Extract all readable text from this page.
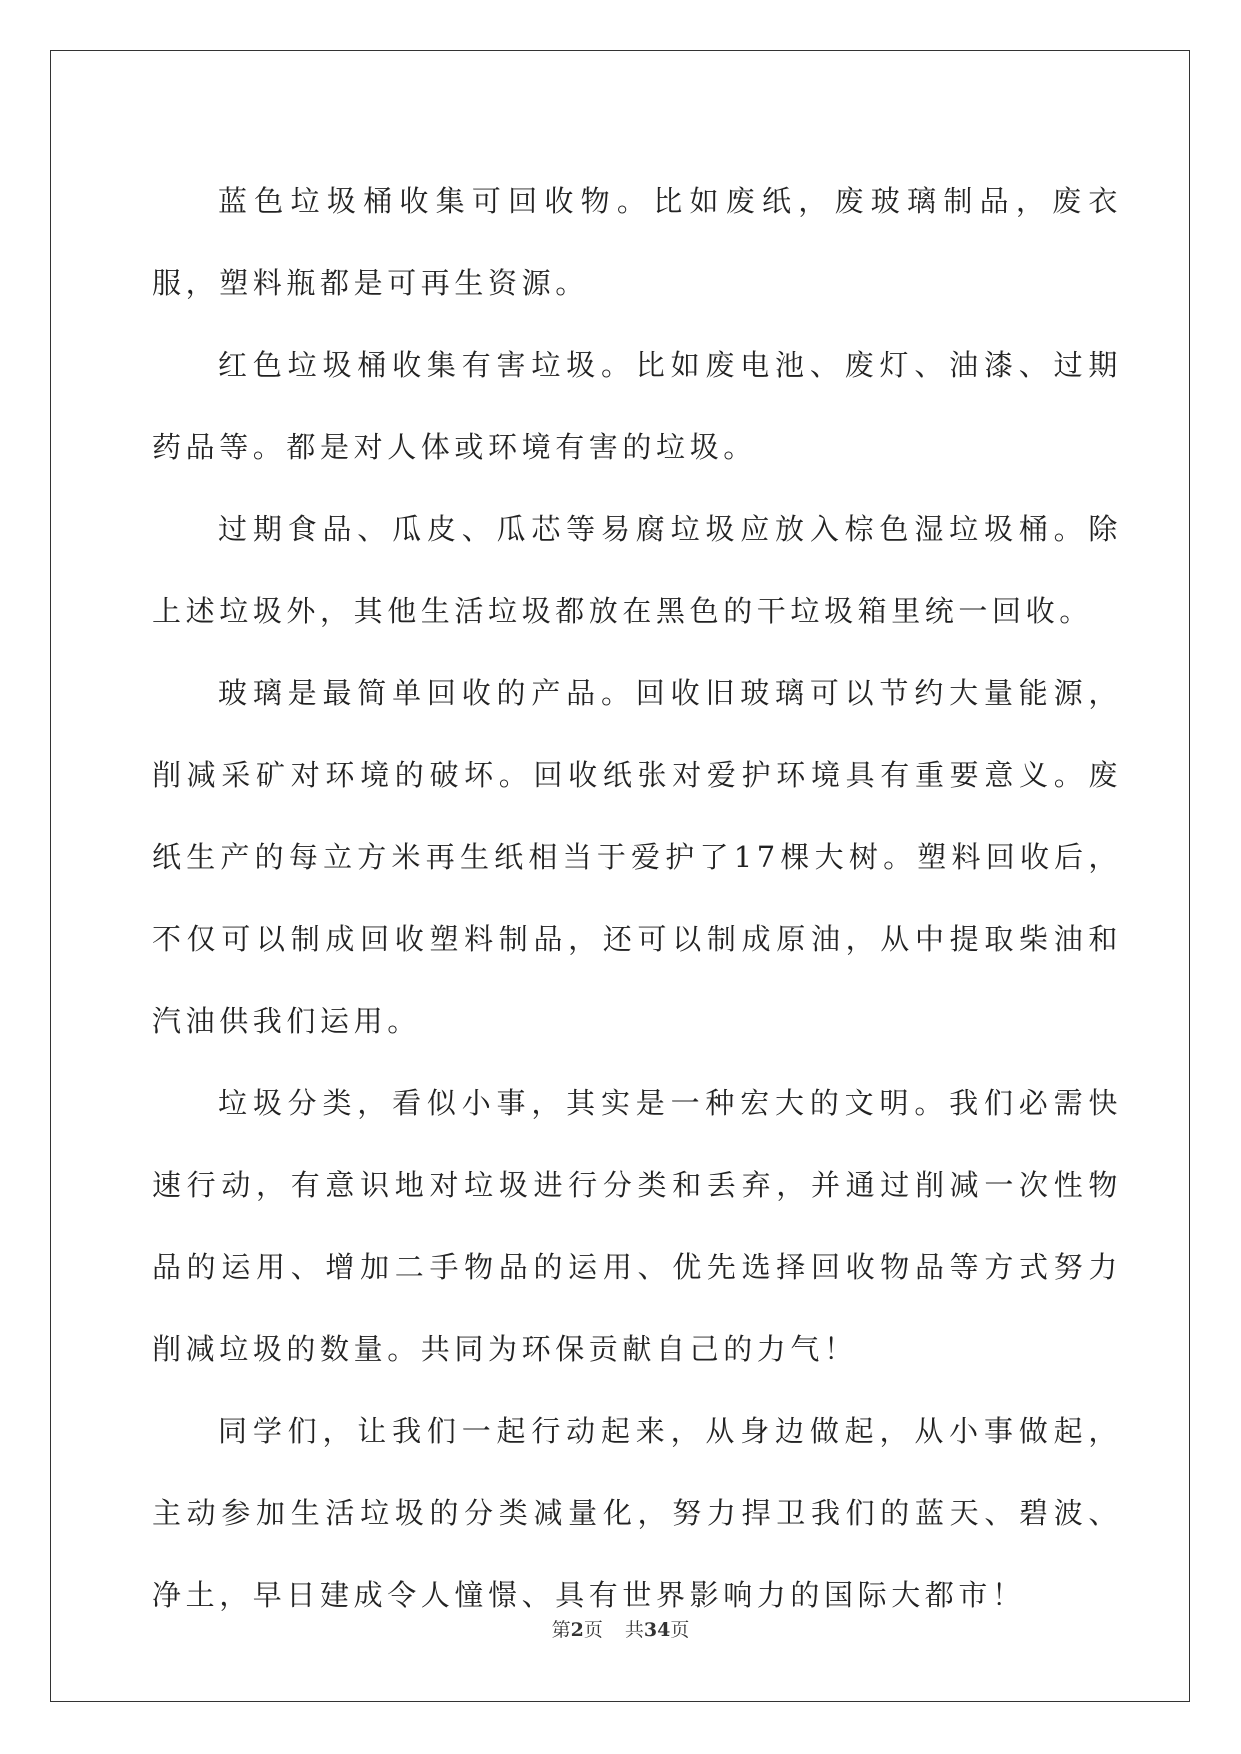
蓝色垃圾桶收集可回收物。比如废纸，废玻璃制品，废衣服，塑料瓶都是可再生资源。

红色垃圾桶收集有害垃圾。比如废电池、废灯、油漆、过期药品等。都是对人体或环境有害的垃圾。

过期食品、瓜皮、瓜芯等易腐垃圾应放入棕色湿垃圾桶。除上述垃圾外，其他生活垃圾都放在黑色的干垃圾箱里统一回收。

玻璃是最简单回收的产品。回收旧玻璃可以节约大量能源，削减采矿对环境的破坏。回收纸张对爱护环境具有重要意义。废纸生产的每立方米再生纸相当于爱护了17棵大树。塑料回收后，不仅可以制成回收塑料制品，还可以制成原油，从中提取柴油和汽油供我们运用。

垃圾分类，看似小事，其实是一种宏大的文明。我们必需快速行动，有意识地对垃圾进行分类和丢弃，并通过削减一次性物品的运用、增加二手物品的运用、优先选择回收物品等方式努力削减垃圾的数量。共同为环保贡献自己的力气！

同学们，让我们一起行动起来，从身边做起，从小事做起，主动参加生活垃圾的分类减量化，努力捍卫我们的蓝天、碧波、净土，早日建成令人憧憬、具有世界影响力的国际大都市！

第2页 共34页
